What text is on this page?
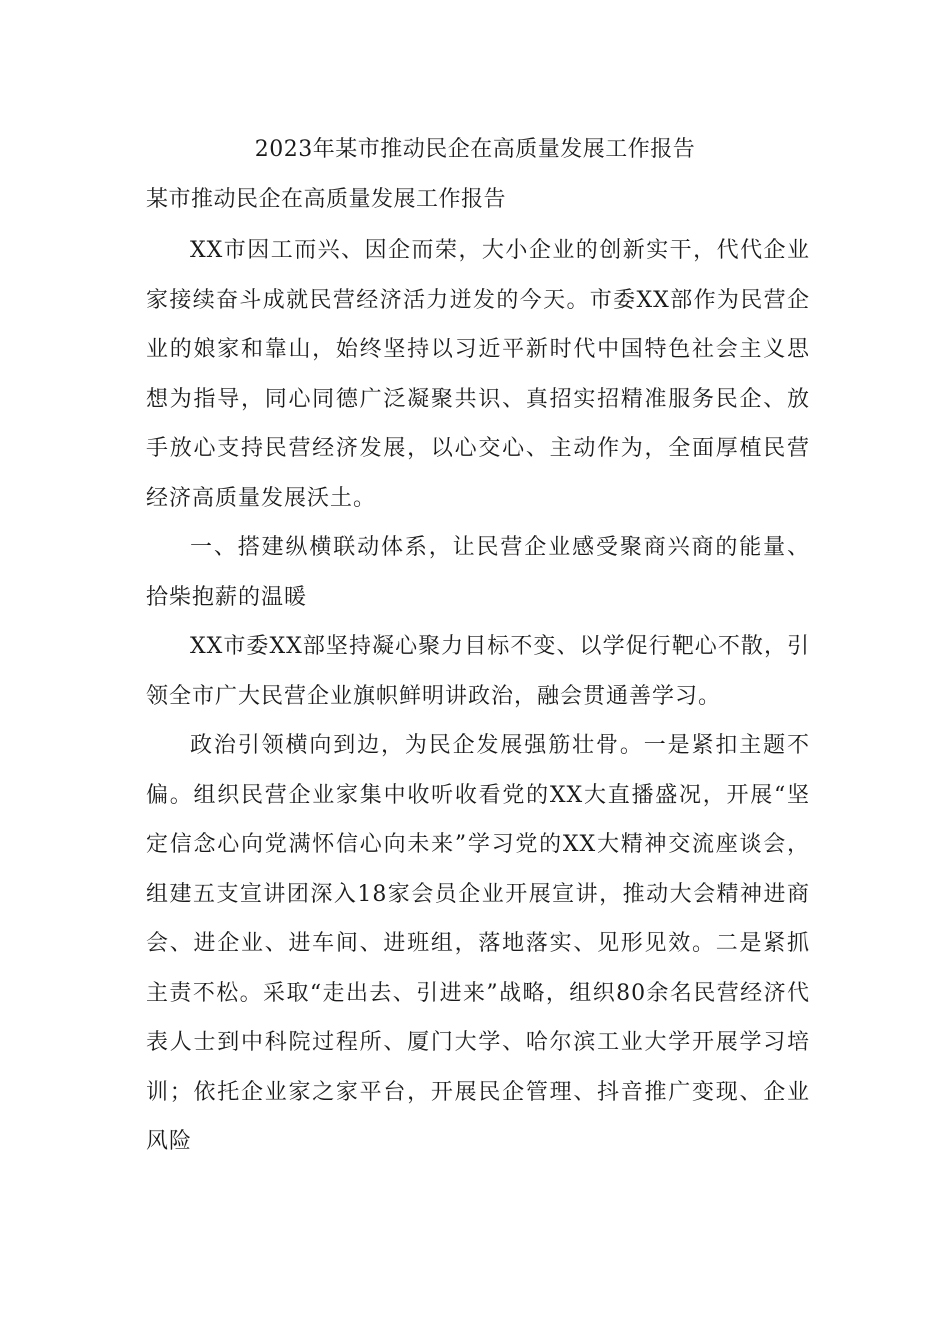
2023年某市推动民企在高质量发展工作报告
某市推动民企在高质量发展工作报告

XX市因工而兴、因企而荣，大小企业的创新实干，代代企业家接续奋斗成就民营经济活力迸发的今天。市委XX部作为民营企业的娘家和靠山，始终坚持以习近平新时代中国特色社会主义思想为指导，同心同德广泛凝聚共识、真招实招精准服务民企、放手放心支持民营经济发展，以心交心、主动作为，全面厚植民营经济高质量发展沃土。

一、搭建纵横联动体系，让民营企业感受聚商兴商的能量、拾柴抱薪的温暖

XX市委XX部坚持凝心聚力目标不变、以学促行靶心不散，引领全市广大民营企业旗帜鲜明讲政治，融会贯通善学习。

政治引领横向到边，为民企发展强筋壮骨。一是紧扣主题不偏。组织民营企业家集中收听收看党的XX大直播盛况，开展“坚定信念心向党满怀信心向未来”学习党的XX大精神交流座谈会，组建五支宣讲团深入18家会员企业开展宣讲，推动大会精神进商会、进企业、进车间、进班组，落地落实、见形见效。二是紧抓主责不松。采取“走出去、引进来”战略，组织80余名民营经济代表人士到中科院过程所、厦门大学、哈尔滨工业大学开展学习培训；依托企业家之家平台，开展民企管理、抖音推广变现、企业风险
